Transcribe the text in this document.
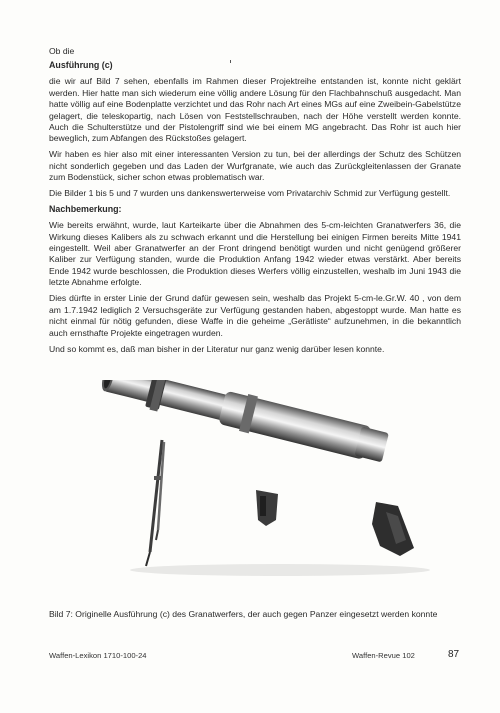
Ob die

Ausführung (c)

die wir auf Bild 7 sehen, ebenfalls im Rahmen dieser Projektreihe entstanden ist, konnte nicht geklärt werden. Hier hatte man sich wiederum eine völlig andere Lösung für den Flachbahnschuß ausgedacht. Man hatte völlig auf eine Bodenplatte verzichtet und das Rohr nach Art eines MGs auf eine Zweibein-Gabelstütze gelagert, die teleskopartig, nach Lösen von Feststellschrauben, nach der Höhe verstellt werden konnte. Auch die Schulterstütze und der Pistolengriff sind wie bei einem MG angebracht. Das Rohr ist auch hier beweglich, zum Abfangen des Rückstoßes gelagert.

Wir haben es hier also mit einer interessanten Version zu tun, bei der allerdings der Schutz des Schützen nicht sonderlich gegeben und das Laden der Wurfgranate, wie auch das Zurückgleitenlassen der Granate zum Bodenstück, sicher schon etwas problematisch war.

Die Bilder 1 bis 5 und 7 wurden uns dankenswerterweise vom Privatarchiv Schmid zur Verfügung gestellt.

Nachbemerkung:

Wie bereits erwähnt, wurde, laut Karteikarte über die Abnahmen des 5-cm-leichten Granatwerfers 36, die Wirkung dieses Kalibers als zu schwach erkannt und die Herstellung bei einigen Firmen bereits Mitte 1941 eingestellt. Weil aber Granatwerfer an der Front dringend benötigt wurden und nicht genügend größerer Kaliber zur Verfügung standen, wurde die Produktion Anfang 1942 wieder etwas verstärkt. Aber bereits Ende 1942 wurde beschlossen, die Produktion dieses Werfers völlig einzustellen, weshalb im Juni 1943 die letzte Abnahme erfolgte.

Dies dürfte in erster Linie der Grund dafür gewesen sein, weshalb das Projekt 5-cm-le.Gr.W. 40 , von dem am 1.7.1942 lediglich 2 Versuchsgeräte zur Verfügung gestanden haben, abgestoppt wurde. Man hatte es nicht einmal für nötig gefunden, diese Waffe in die geheime „Gerätliste“ aufzunehmen, in die bekanntlich auch ernsthafte Projekte eingetragen wurden.

Und so kommt es, daß man bisher in der Literatur nur ganz wenig darüber lesen konnte.

Bild 7: Originelle Ausführung (c) des Granatwerfers, der auch gegen Panzer eingesetzt werden konnte
Waffen-Lexikon 1710-100-24	Waffen-Revue 102	87
